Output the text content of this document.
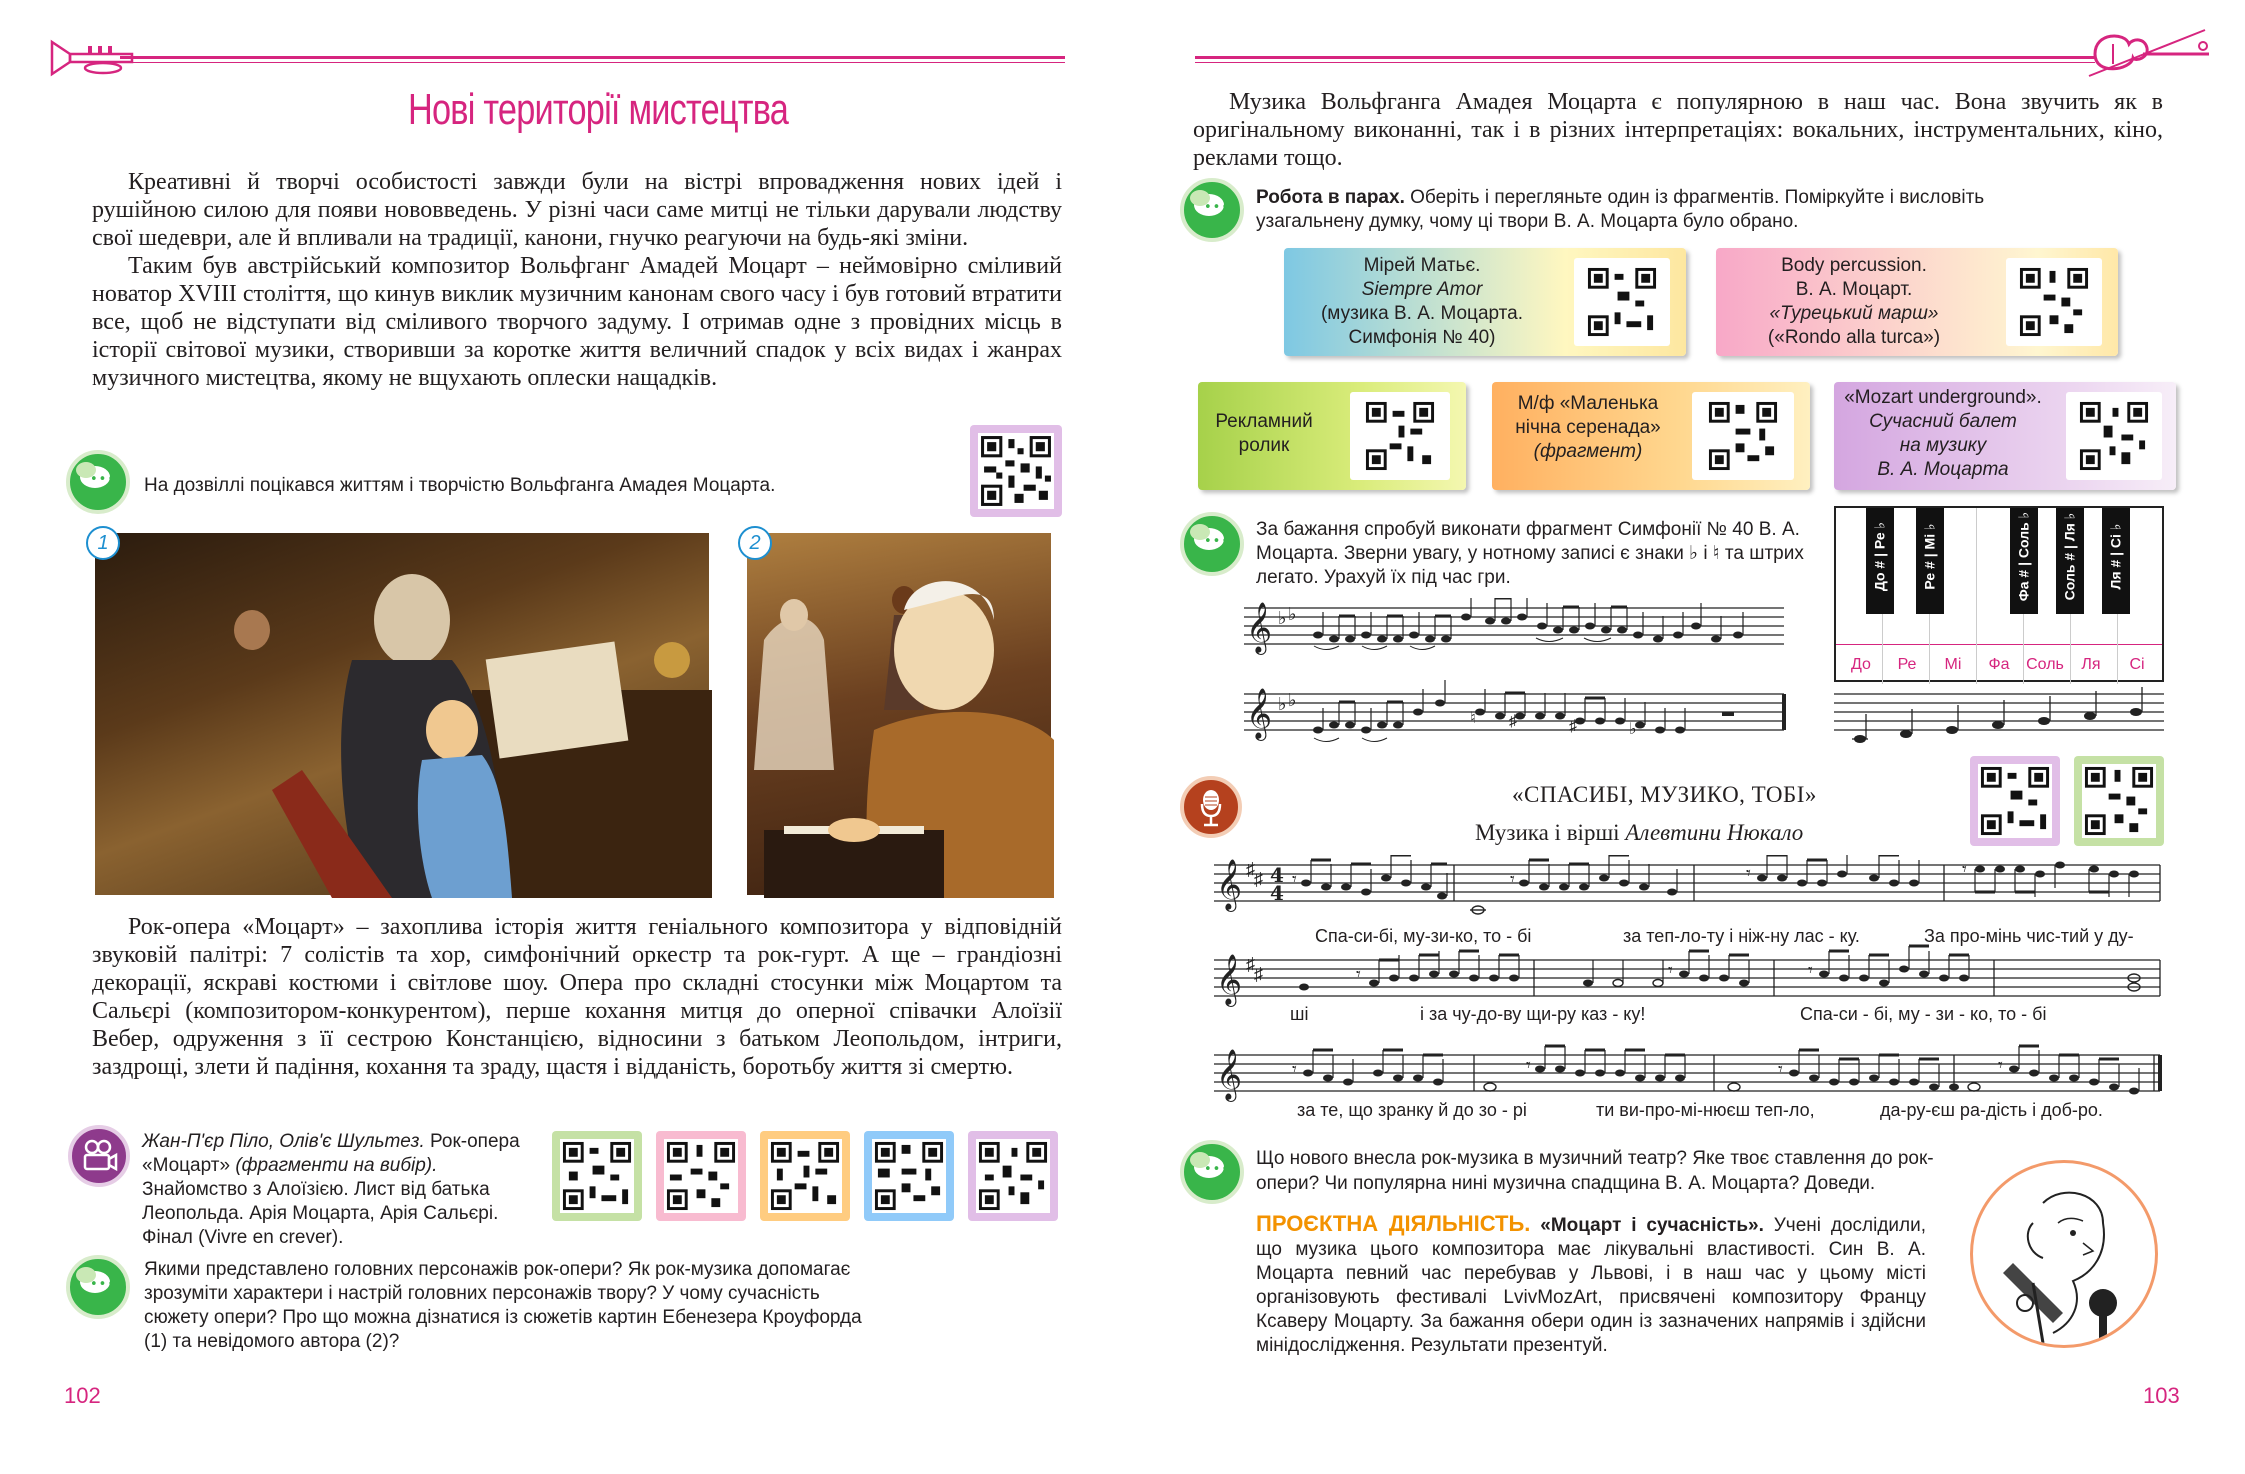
Нові території мистецтва

Креативні й творчі особистості завжди були на вістрі впровадження нових ідей і рушійною силою для появи нововведень. У різні часи саме митці не тільки дарували людству свої шедеври, але й впливали на традиції, канони, гнучко реагуючи на будь-які зміни.

Таким був австрійський композитор Вольфганг Амадей Моцарт – неймовірно сміливий новатор XVIII століття, що кинув виклик музичним канонам свого часу і був готовий втратити все, щоб не відступати від сміливого творчого задуму. І отримав одне з провідних місць в історії світової музики, створивши за коротке життя величний спадок у всіх видах і жанрах музичного мистецтва, якому не вщухають оплески нащадків.

•••
На дозвіллі поцікався життям і творчістю Вольфганга Амадея Моцарта.
1	2

Рок-опера «Моцарт» – захоплива історія життя геніального композитора у відповідній звуковій палітрі: 7 солістів та хор, симфонічний оркестр та рок-гурт. А ще – грандіозні декорації, яскраві костюми і світлове шоу. Опера про складні стосунки між Моцартом та Сальєрі (композитором-конкурентом), перше кохання митця до оперної співачки Алоїзії Вебер, одруження з її сестрою Констанцією, відносини з батьком Леопольдом, інтриги, заздрощі, злети й падіння, кохання та зраду, щастя і відданість, боротьбу життя зі смертю.

Жан-П'єр Піло, Олів'є Шультез. Рок-опера «Моцарт» (фрагменти на вибір). Знайомство з Алоїзією. Лист від батька Леопольда. Арія Моцарта, Арія Сальєрі. Фінал (Vivre en crever).
•••
Якими представлено головних персонажів рок-опери? Як рок-музика допомагає зрозуміти характери і настрій головних персонажів твору? У чому сучасність сюжету опери? Про що можна дізнатися із сюжетів картин Ебенезера Кроуфорда (1) та невідомого автора (2)?
102

Музика Вольфганга Амадея Моцарта є популярною в наш час. Вона звучить як в оригінальному виконанні, так і в різних інтерпретаціях: вокальних, інструментальних, кіно, реклами тощо.

•••
Робота в парах. Оберіть і перегляньте один із фрагментів. Поміркуйте і висловіть узагальнену думку, чому ці твори В. А. Моцарта було обрано.
Мірей Матьє.
Siempre Amor
(музика В. А. Моцарта.
Симфонія № 40)
Body percussion.
В. А. Моцарт.
«Турецький марш»
(«Rondo alla turca»)
Рекламний
ролик
М/ф «Маленька
нічна серенада»
(фрагмент)
«Mozart underground».
Сучасний балет
на музику
В. А. Моцарта
•••
За бажання спробуй виконати фрагмент Симфонії № 40 В. А. Моцарта. Зверни увагу, у нотному записі є знаки ♭ і ♮ та штрих легато. Урахуй їх під час гри.
𝄞
𝄞
♭ ♭
♭ ♭
♮ ♯	♯	♭
До # | Ре ♭ Ре # | Мі ♭	Фа # | Соль ♭ Соль # | Ля ♭ Ля # | Сі ♭
До	Ре	Мі	Фа	Соль	Ля	Сі
«СПАСИБІ, МУЗИКО, ТОБІ»
Музика і вірші Алевтини Нюкало
𝄞
𝄞
𝄞
♯ ♯
♯ ♯
4
4
𝄾	𝄾	𝄾	𝄾
𝄾	𝄾	𝄾
𝄾	𝄾	𝄾	𝄾
Спа-си-бі, му-зи-ко, то - бі	за теп-ло-ту і ніж-ну лас - ку.	За про-мінь чис-тий у ду-
ші	і за чу-до-ву щи-ру каз - ку!	Спа-си - бі, му - зи - ко, то - бі
за те, що зранку й до зо - рі	ти ви-про-мі-нюєш теп-ло,	да-ру-єш ра-дість і доб-ро.
•••
Що нового внесла рок-музика в музичний театр? Яке твоє ставлення до рок-опери? Чи популярна нині музична спадщина В. А. Моцарта? Доведи.
ПРОЄКТНА ДІЯЛЬНІСТЬ. «Моцарт і сучасність». Учені дослідили, що музика цього композитора має лікувальні властивості. Син В. А. Моцарта певний час перебував у Львові, і в наш час у цьому місті організовують фестивалі LvivMozArt, присвячені композитору Францу Ксаверу Моцарту. За бажання обери один із зазначених напрямів і здійсни мінідослідження. Результати презентуй.
103
